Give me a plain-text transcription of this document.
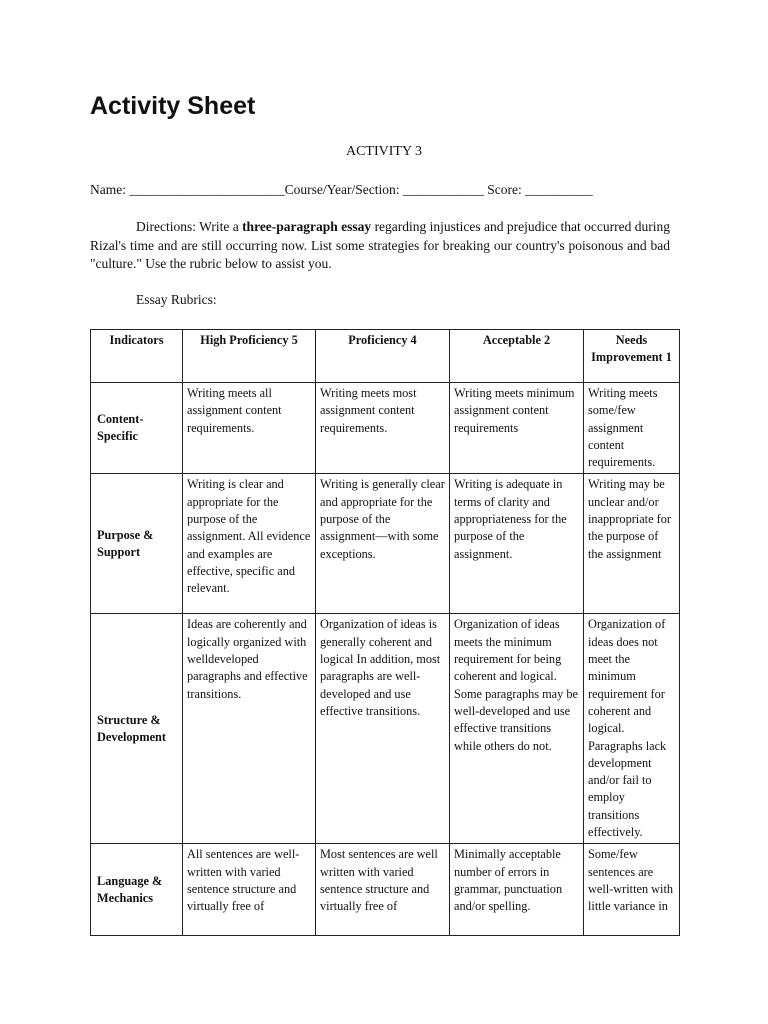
Activity Sheet
ACTIVITY 3
Name: _______________________Course/Year/Section: ____________ Score: __________
Directions: Write a three-paragraph essay regarding injustices and prejudice that occurred during Rizal's time and are still occurring now. List some strategies for breaking our country's poisonous and bad "culture." Use the rubric below to assist you.
Essay Rubrics:
Indicators	High Proficiency 5	Proficiency 4	Acceptable 2	Needs Improvement 1
Content-Specific	Writing meets all assignment content requirements.	Writing meets most assignment content requirements.	Writing meets minimum assignment content requirements	Writing meets some/few assignment content requirements.
Purpose & Support	Writing is clear and appropriate for the purpose of the assignment. All evidence and examples are effective, specific and relevant.	Writing is generally clear and appropriate for the purpose of the assignment—with some exceptions.	Writing is adequate in terms of clarity and appropriateness for the purpose of the assignment.	Writing may be unclear and/or inappropriate for the purpose of the assignment
Structure & Development	Ideas are coherently and logically organized with welldeveloped paragraphs and effective transitions.	Organization of ideas is generally coherent and logical In addition, most paragraphs are well-developed and use effective transitions.	Organization of ideas meets the minimum requirement for being coherent and logical. Some paragraphs may be well-developed and use effective transitions while others do not.	Organization of ideas does not meet the minimum requirement for coherent and logical. Paragraphs lack development and/or fail to employ transitions effectively.
Language & Mechanics	All sentences are well-written with varied sentence structure and virtually free of	Most sentences are well written with varied sentence structure and virtually free of	Minimally acceptable number of errors in grammar, punctuation and/or spelling.	Some/few sentences are well-written with little variance in
